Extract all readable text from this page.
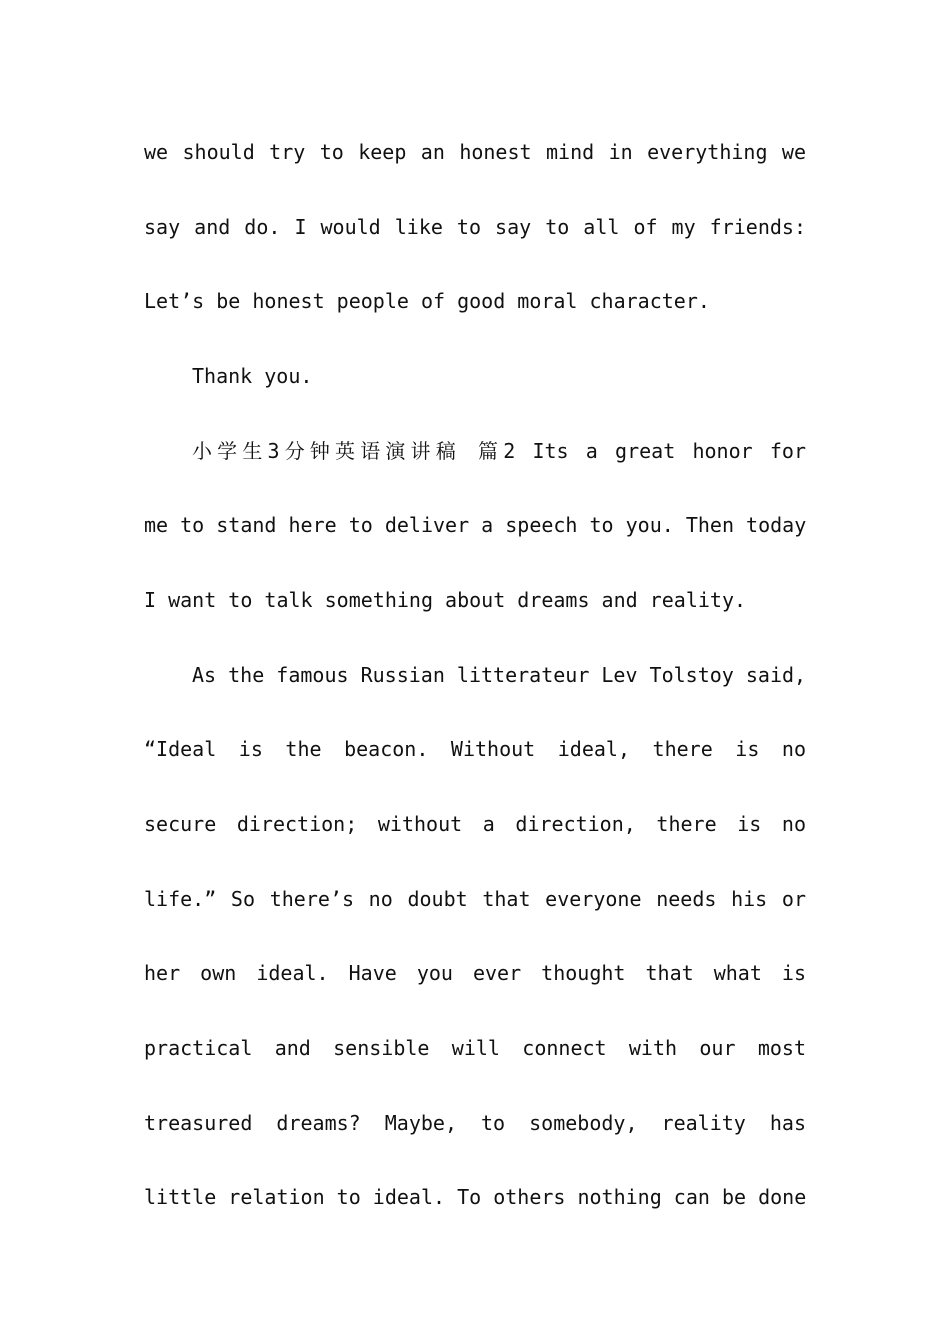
we should try to keep an honest mind in everything we
say and do. I would like to say to all of my friends:
Let’s be honest people of good moral character.
Thank you.
小学生3分钟英语演讲稿 篇2 Its a great honor for
me to stand here to deliver a speech to you. Then today
I want to talk something about dreams and reality.
As the famous Russian litterateur Lev Tolstoy said,
“Ideal is the beacon. Without ideal, there is no
secure direction; without a direction, there is no
life.” So there’s no doubt that everyone needs his or
her own ideal. Have you ever thought that what is
practical and sensible will connect with our most
treasured dreams? Maybe, to somebody, reality has
little relation to ideal. To others nothing can be done
